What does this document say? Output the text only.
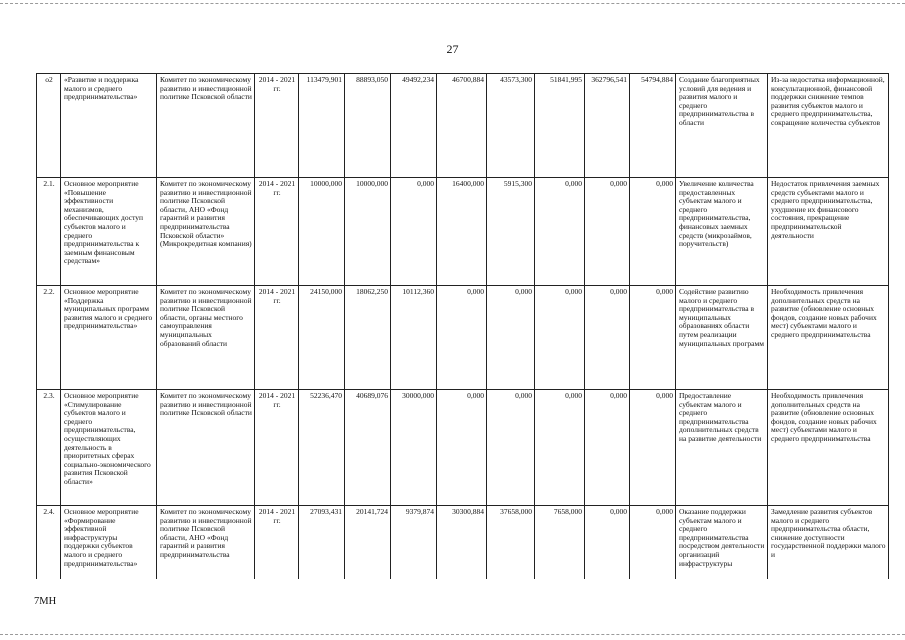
27
о2	«Развитие и поддержка малого и среднего предпринимательства»	Комитет по экономическому развитию и инвестиционной политике Псковской области	2014 - 2021 гг.	113479,901	88893,050	49492,234	46700,884	43573,300	51841,995	362796,541	54794,884	Создание благоприятных условий для ведения и развития малого и среднего предпринимательства в области	Из-за недостатка информационной, консультационной, финансовой поддержки снижение темпов развития субъектов малого и среднего предпринимательства, сокращение количества субъектов
2.1.	Основное мероприятие «Повышение эффективности механизмов, обеспечивающих доступ субъектов малого и среднего предпринимательства к заемным финансовым средствам»	Комитет по экономическому развитию и инвестиционной политике Псковской области, АНО «Фонд гарантий и развития предпринимательства Псковской области» (Микрокредитная компания)	2014 - 2021 гг.	10000,000	10000,000	0,000	16400,000	5915,300	0,000	0,000	0,000	Увеличение количества предоставленных субъектам малого и среднего предпринимательства, финансовых заемных средств (микрозаймов, поручительств)	Недостаток привлечения заемных средств субъектами малого и среднего предпринимательства, ухудшение их финансового состояния, прекращение предпринимательской деятельности
2.2.	Основное мероприятие «Поддержка муниципальных программ развития малого и среднего предпринимательства»	Комитет по экономическому развитию и инвестиционной политике Псковской области, органы местного самоуправления муниципальных образований области	2014 - 2021 гг.	24150,000	18062,250	10112,360	0,000	0,000	0,000	0,000	0,000	Содействие развитию малого и среднего предпринимательства в муниципальных образованиях области путем реализации муниципальных программ	Необходимость привлечения дополнительных средств на развитие (обновление основных фондов, создание новых рабочих мест) субъектами малого и среднего предпринимательства
2.3.	Основное мероприятие «Стимулирование субъектов малого и среднего предпринимательства, осуществляющих деятельность в приоритетных сферах социально-экономического развития Псковской области»	Комитет по экономическому развитию и инвестиционной политике Псковской области	2014 - 2021 гг.	52236,470	40689,076	30000,000	0,000	0,000	0,000	0,000	0,000	Предоставление субъектам малого и среднего предпринимательства дополнительных средств на развитие деятельности	Необходимость привлечения дополнительных средств на развитие (обновление основных фондов, создание новых рабочих мест) субъектами малого и среднего предпринимательства
2.4.	Основное мероприятие «Формирование эффективной инфраструктуры поддержки субъектов малого и среднего предпринимательства»	Комитет по экономическому развитию и инвестиционной политике Псковской области, АНО «Фонд гарантий и развития предпринимательства	2014 - 2021 гг.	27093,431	20141,724	9379,874	30300,884	37658,000	7658,000	0,000	0,000	Оказание поддержки субъектам малого и среднего предпринимательства посредством деятельности организаций инфраструктуры	Замедление развития субъектов малого и среднего предпринимательства области, снижение доступности государственной поддержки малого и
7МН
